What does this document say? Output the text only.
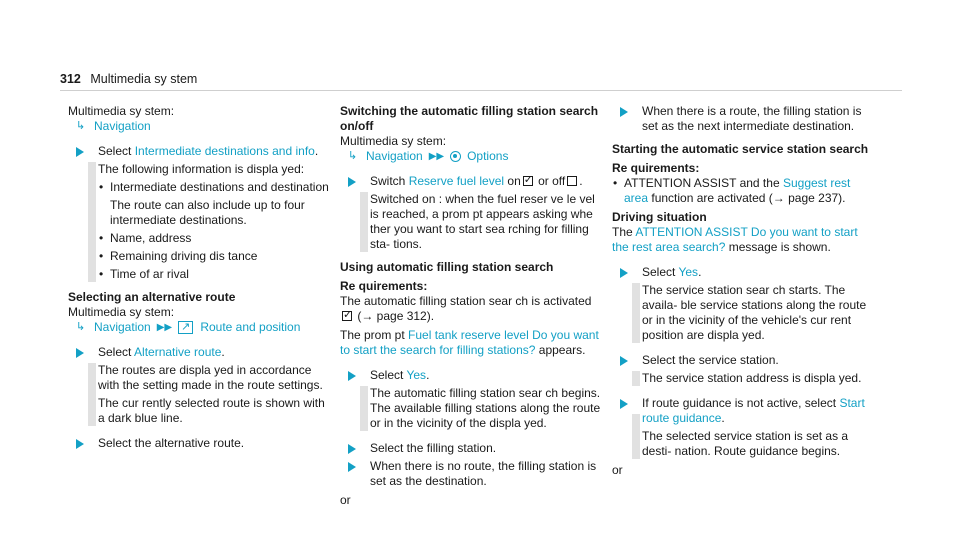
312 Multimedia sy stem

Multimedia sy stem:

↳ Navigation

Select Intermediate destinations and info.

The following information is displa yed:

• Intermediate destinations and destination

The route can also include up to four intermediate destinations.

• Name, address
• Remaining driving dis tance
• Time of ar rival

Selecting an alternative route

Multimedia sy stem:

↳ Navigation ▶▶ ↗ Route and position

Select Alternative route.

The routes are displa yed in accordance with the setting made in the route settings.

The cur rently selected route is shown with a dark blue line.

Select the alternative route.

Switching the automatic filling station search on/off

Multimedia sy stem:

↳ Navigation ▶▶ Options

Switch Reserve fuel level on✓ or off .

Switched on : when the fuel reser ve le vel is reached, a prom pt appears asking whe ther you want to start sea rching for filling sta- tions.

Using automatic filling station search

Re quirements:

The automatic filling station sear ch is activated

✓ (→ page 312).

The prom pt Fuel tank reserve level Do you want to start the search for filling stations? appears.

Select Yes.

The automatic filling station sear ch begins. The available filling stations along the route or in the vicinity of the displa yed.

Select the filling station.

When there is no route, the filling station is set as the destination.

or

When there is a route, the filling station is set as the next intermediate destination.

Starting the automatic service station search

Re quirements:

• ATTENTION ASSIST and the Suggest rest area function are activated (→ page 237).

Driving situation

The ATTENTION ASSIST Do you want to start the rest area search? message is shown.

Select Yes.

The service station sear ch starts. The availa- ble service stations along the route or in the vicinity of the vehicle's cur rent position are displa yed.

Select the service station.

The service station address is displa yed.

If route guidance is not active, select Start route guidance.

The selected service station is set as a desti- nation. Route guidance begins.

or
